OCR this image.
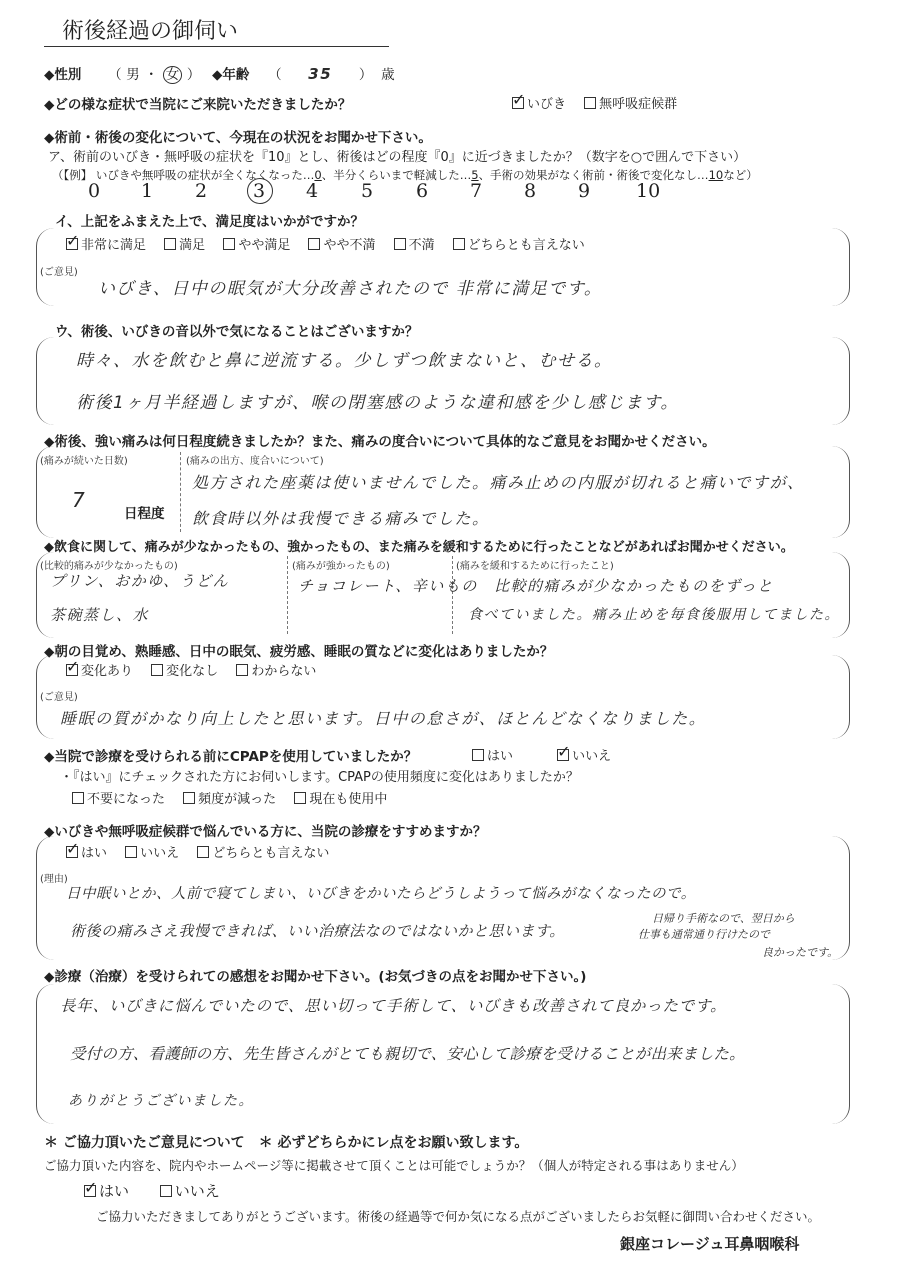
術後経過の御伺い
◆性別 （ 男 ・ 女 ） ◆年齢 （ 35 ） 歳
◆どの様な症状で当院にご来院いただきましたか？ ✓	いびき	無呼吸症候群
◆術前・術後の変化について、今現在の状況をお聞かせ下さい。
ア、術前のいびき・無呼吸の症状を『10』とし、術後はどの程度『0』に近づきましたか？（数字を○で囲んで下さい）
（【例】 いびきや無呼吸の症状が全くなくなった…0、半分くらいまで軽減した…5、手術の効果がなく術前・術後で変化なし…10など）
0 1 2 3 4 5 6 7 8 9 10
イ、上記をふまえた上で、満足度はいかがですか？
✓非常に満足	満足	やや満足	やや不満	不満	どちらとも言えない
(ご意見)
いびき、日中の眠気が大分改善されたので 非常に満足です。
ウ、術後、いびきの音以外で気になることはございますか？
時々、水を飲むと鼻に逆流する。少しずつ飲まないと、むせる。
術後1ヶ月半経過しますが、喉の閉塞感のような違和感を少し感じます。
◆術後、強い痛みは何日程度続きましたか？また、痛みの度合いについて具体的なご意見をお聞かせください。
(痛みが続いた日数)
7
日程度
(痛みの出方、度合いについて)
処方された座薬は使いませんでした。痛み止めの内服が切れると痛いですが、
飲食時以外は我慢できる痛みでした。
◆飲食に関して、痛みが少なかったもの、強かったもの、また痛みを緩和するために行ったことなどがあればお聞かせください。
(比較的痛みが少なかったもの)
プリン、おかゆ、うどん
茶碗蒸し、水
(痛みが強かったもの)
チョコレート、辛いもの
(痛みを緩和するために行ったこと)
比較的痛みが少なかったものをずっと
食べていました。痛み止めを毎食後服用してました。
◆朝の目覚め、熟睡感、日中の眠気、疲労感、睡眠の質などに変化はありましたか？
✓変化あり	変化なし	わからない
(ご意見)
睡眠の質がかなり向上したと思います。日中の怠さが、ほとんどなくなりました。
◆当院で診療を受けられる前にCPAPを使用していましたか？	はい ✓	いいえ
・『はい』にチェックされた方にお伺いします。CPAPの使用頻度に変化はありましたか？
不要になった	頻度が減った	現在も使用中
◆いびきや無呼吸症候群で悩んでいる方に、当院の診療をすすめますか？
✓はい	いいえ	どちらとも言えない
(理由)
日中眠いとか、人前で寝てしまい、いびきをかいたらどうしようって悩みがなくなったので。
術後の痛みさえ我慢できれば、いい治療法なのではないかと思います。
日帰り手術なので、翌日から
仕事も通常通り行けたので
良かったです。
◆診療（治療）を受けられての感想をお聞かせ下さい。(お気づきの点をお聞かせ下さい。)
長年、いびきに悩んでいたので、思い切って手術して、いびきも改善されて良かったです。
受付の方、看護師の方、先生皆さんがとても親切で、安心して診療を受けることが出来ました。
ありがとうございました。
＊ ご協力頂いたご意見について　＊ 必ずどちらかにレ点をお願い致します。
ご協力頂いた内容を、院内やホームページ等に掲載させて頂くことは可能でしょうか？（個人が特定される事はありません）
✓はい	いいえ
ご協力いただきましてありがとうございます。術後の経過等で何か気になる点がございましたらお気軽に御問い合わせください。
銀座コレージュ耳鼻咽喉科
